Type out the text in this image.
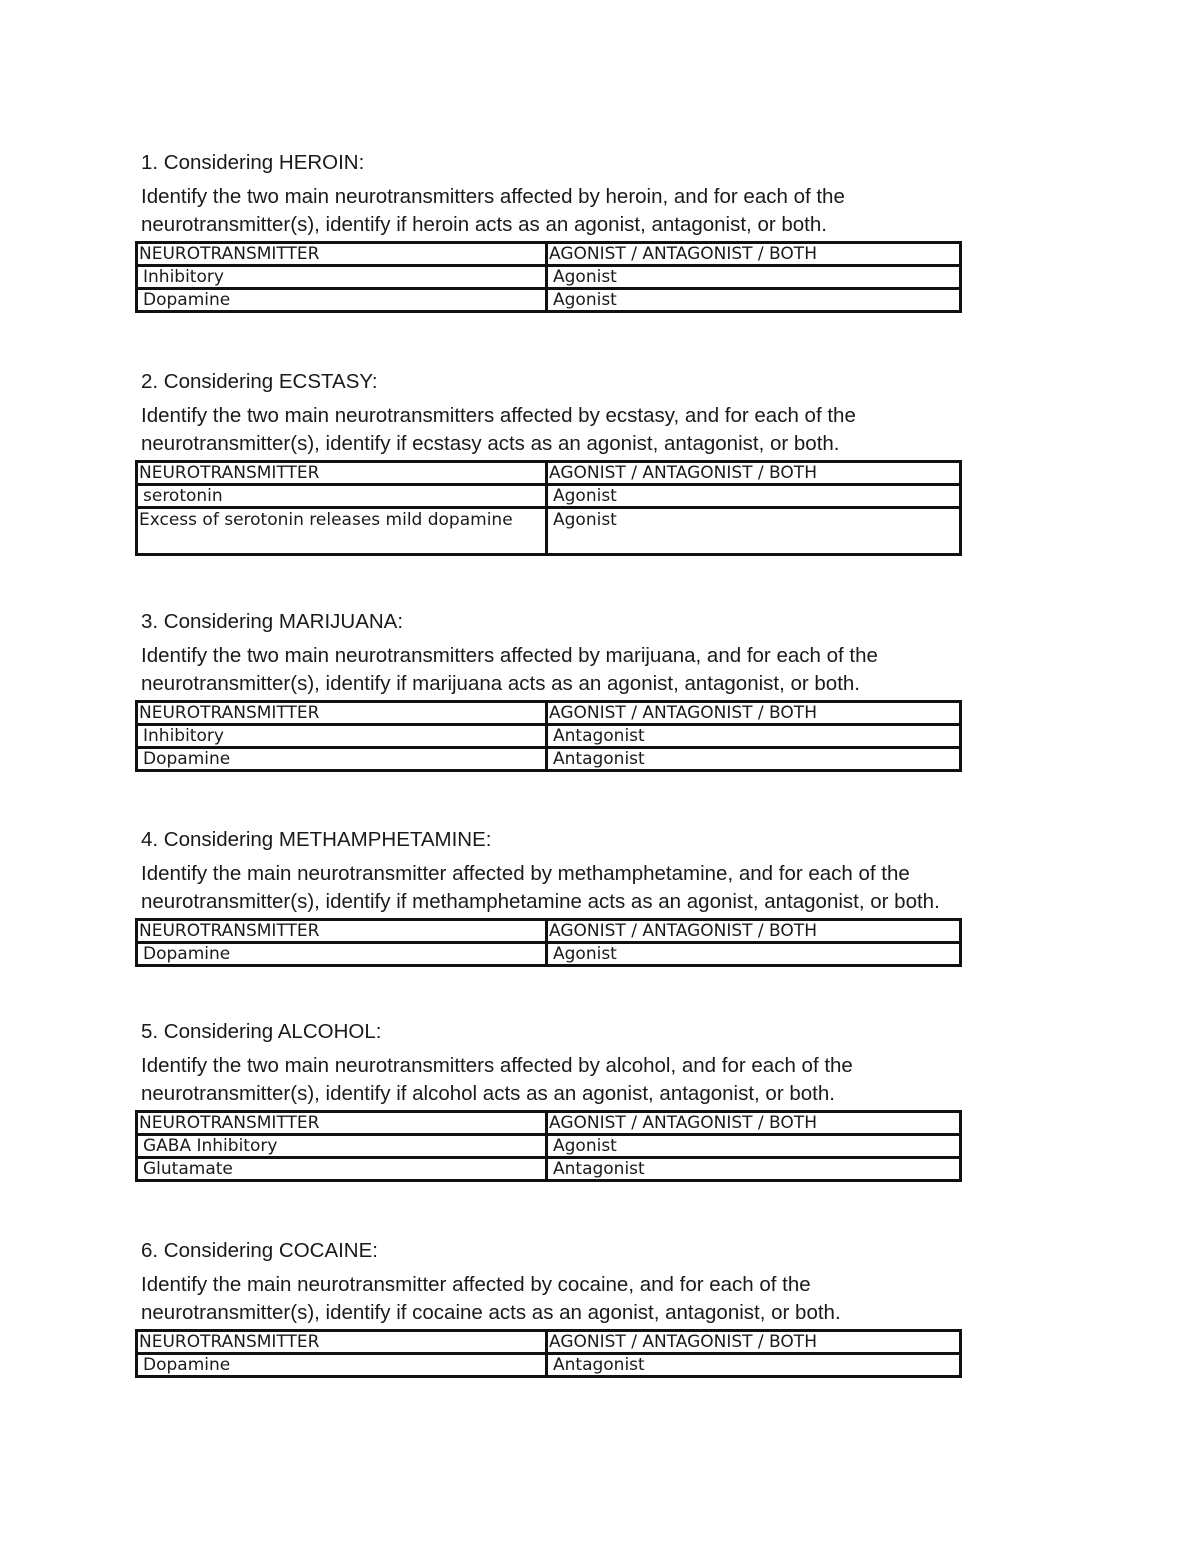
1. Considering HEROIN:
Identify the two main neurotransmitters affected by heroin, and for each of the
neurotransmitter(s), identify if heroin acts as an agonist, antagonist, or both.
NEUROTRANSMITTER	AGONIST / ANTAGONIST / BOTH
Inhibitory	Agonist
Dopamine	Agonist
2. Considering ECSTASY:
Identify the two main neurotransmitters affected by ecstasy, and for each of the
neurotransmitter(s), identify if ecstasy acts as an agonist, antagonist, or both.
NEUROTRANSMITTER	AGONIST / ANTAGONIST / BOTH
serotonin	Agonist
Excess of serotonin releases mild dopamine	Agonist
3. Considering MARIJUANA:
Identify the two main neurotransmitters affected by marijuana, and for each of the
neurotransmitter(s), identify if marijuana acts as an agonist, antagonist, or both.
NEUROTRANSMITTER	AGONIST / ANTAGONIST / BOTH
Inhibitory	Antagonist
Dopamine	Antagonist
4. Considering METHAMPHETAMINE:
Identify the main neurotransmitter affected by methamphetamine, and for each of the
neurotransmitter(s), identify if methamphetamine acts as an agonist, antagonist, or both.
NEUROTRANSMITTER	AGONIST / ANTAGONIST / BOTH
Dopamine	Agonist
5. Considering ALCOHOL:
Identify the two main neurotransmitters affected by alcohol, and for each of the
neurotransmitter(s), identify if alcohol acts as an agonist, antagonist, or both.
NEUROTRANSMITTER	AGONIST / ANTAGONIST / BOTH
GABA Inhibitory	Agonist
Glutamate	Antagonist
6. Considering COCAINE:
Identify the main neurotransmitter affected by cocaine, and for each of the
neurotransmitter(s), identify if cocaine acts as an agonist, antagonist, or both.
NEUROTRANSMITTER	AGONIST / ANTAGONIST / BOTH
Dopamine	Antagonist
